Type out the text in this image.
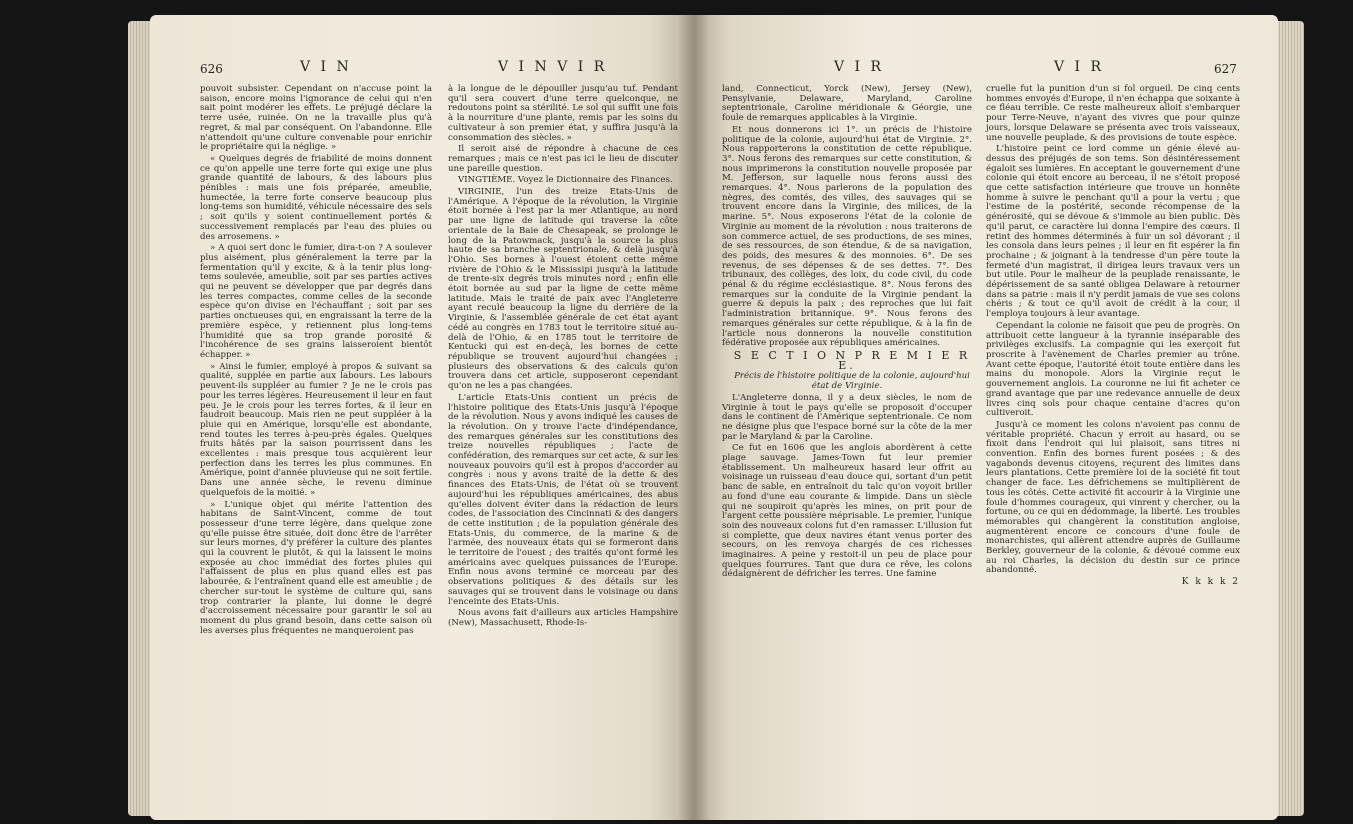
626	V I N	V I N V I R

pouvoit subsister. Cependant on n'accuse point la saison, encore moins l'ignorance de celui qui n'en sait point modérer les effets. Le préjugé déclare la terre usée, ruinée. On ne la travaille plus qu'à regret, & mal par conséquent. On l'abandonne. Elle n'attendoit qu'une culture convenable pour enrichir le propriétaire qui la néglige. »

« Quelques degrés de friabilité de moins donnent ce qu'on appelle une terre forte qui exige une plus grande quantité de labours, & des labours plus pénibles : mais une fois préparée, ameublie, humectée, la terre forte conserve beaucoup plus long-tems son humidité, véhicule nécessaire des sels ; soit qu'ils y soient continuellement portés & successivement remplacés par l'eau des pluies ou des arrosemens. »

» A quoi sert donc le fumier, dira-t-on ? A soulever plus aisément, plus généralement la terre par la fermentation qu'il y excite, & à la tenir plus long-tems soulevée, ameublie, soit par ses parties actives qui ne peuvent se développer que par degrés dans les terres compactes, comme celles de la seconde espèce qu'on divise en l'échauffant ; soit par ses parties onctueuses qui, en engraissant la terre de la première espèce, y retiennent plus long-tems l'humidité que sa trop grande porosité & l'incohérence de ses grains laisseroient bientôt échapper. »

» Ainsi le fumier, employé à propos & suivant sa qualité, supplée en partie aux labours. Les labours peuvent-ils suppléer au fumier ? Je ne le crois pas pour les terres légères. Heureusement il leur en faut peu. Je le crois pour les terres fortes, & il leur en faudroit beaucoup. Mais rien ne peut suppléer à la pluie qui en Amérique, lorsqu'elle est abondante, rend toutes les terres à-peu-près égales. Quelques fruits hâtés par la saison pourrissent dans les excellentes : mais presque tous acquièrent leur perfection dans les terres les plus communes. En Amérique, point d'année pluvieuse qui ne soit fertile. Dans une année sèche, le revenu diminue quelquefois de la moitié. »

» L'unique objet qui mérite l'attention des habitans de Saint-Vincent, comme de tout possesseur d'une terre légère, dans quelque zone qu'elle puisse être située, doit donc être de l'arrêter sur leurs mornes, d'y préférer la culture des plantes qui la couvrent le plutôt, & qui la laissent le moins exposée au choc immédiat des fortes pluies qui l'affaissent de plus en plus quand elles est pas labourée, & l'entraînent quand elle est ameublie ; de chercher sur-tout le système de culture qui, sans trop contrarier la plante, lui donne le degré d'accroissement nécessaire pour garantir le sol au moment du plus grand besoin, dans cette saison où les averses plus fréquentes ne manqueroient pas

à la longue de le dépouiller jusqu'au tuf. Pendant qu'il sera couvert d'une terre quelconque, ne redoutons point sa stérilité. Le sol qui suffit une fois à la nourriture d'une plante, remis par les soins du cultivateur à son premier état, y suffira jusqu'à la consommation des siècles. »

Il seroit aisé de répondre à chacune de ces remarques ; mais ce n'est pas ici le lieu de discuter une pareille question.

VINGTIÈME. Voyez le Dictionnaire des Finances.

VIRGINIE, l'un des treize Etats-Unis de l'Amérique. A l'époque de la révolution, la Virginie étoit bornée à l'est par la mer Atlantique, au nord par une ligne de latitude qui traverse la côte orientale de la Baie de Chesapeak, se prolonge le long de la Patowmack, jusqu'à la source la plus haute de sa branche septentrionale, & delà jusqu'à l'Ohio. Ses bornes à l'ouest étoient cette même rivière de l'Ohio & le Mississipi jusqu'à la latitude de trente-six degrés trois minutes nord ; enfin elle étoit bornée au sud par la ligne de cette même latitude. Mais le traité de paix avec l'Angleterre ayant reculé beaucoup la ligne du derrière de la Virginie, & l'assemblée générale de cet état ayant cédé au congrès en 1783 tout le territoire situé au-delà de l'Ohio, & en 1785 tout le territoire de Kentucki qui est en-deçà, les bornes de cette république se trouvent aujourd'hui changées ; plusieurs des observations & des calculs qu'on trouvera dans cet article, supposeront cependant qu'on ne les a pas changées.

L'article Etats-Unis contient un précis de l'histoire politique des Etats-Unis jusqu'à l'époque de la révolution. Nous y avons indiqué les causes de la révolution. On y trouve l'acte d'indépendance, des remarques générales sur les constitutions des treize nouvelles républiques ; l'acte de confédération, des remarques sur cet acte, & sur les nouveaux pouvoirs qu'il est à propos d'accorder au congrès : nous y avons traité de la dette & des finances des Etats-Unis, de l'état où se trouvent aujourd'hui les républiques américaines, des abus qu'elles doivent éviter dans la rédaction de leurs codes, de l'association des Cincinnati & des dangers de cette institution ; de la population générale des Etats-Unis, du commerce, de la marine & de l'armée, des nouveaux états qui se formeront dans le territoire de l'ouest ; des traités qu'ont formé les américains avec quelques puissances de l'Europe. Enfin nous avons terminé ce morceau par des observations politiques & des détails sur les sauvages qui se trouvent dans le voisinage ou dans l'enceinte des Etats-Unis.

Nous avons fait d'ailleurs aux articles Hampshire (New), Massachusett, Rhode-Is-

V I R	V I R	627

land, Connecticut, Yorck (New), Jersey (New), Pensylvanie, Delaware, Maryland, Caroline septentrionale, Caroline méridionale & Géorgie, une foule de remarques applicables à la Virginie.

Et nous donnerons ici 1°. un précis de l'histoire politique de la colonie, aujourd'hui état de Virginie. 2°. Nous rapporterons la constitution de cette république. 3°. Nous ferons des remarques sur cette constitution, & nous imprimerons la constitution nouvelle proposée par M. Jefferson, sur laquelle nous ferons aussi des remarques. 4°. Nous parlerons de la population des nègres, des comtés, des villes, des sauvages qui se trouvent encore dans la Virginie, des milices, de la marine. 5°. Nous exposerons l'état de la colonie de Virginie au moment de la révolution : nous traiterons de son commerce actuel, de ses productions, de ses mines, de ses ressources, de son étendue, & de sa navigation, des poids, des mesures & des monnoies. 6°. De ses revenus, de ses dépenses & de ses dettes. 7°. Des tribunaux, des collèges, des loix, du code civil, du code pénal & du régime ecclésiastique. 8°. Nous ferons des remarques sur la conduite de la Virginie pendant la guerre & depuis la paix ; des reproches que lui fait l'administration britannique. 9°. Nous ferons des remarques générales sur cette république, & à la fin de l'article nous donnerons la nouvelle constitution fédérative proposée aux républiques américaines.

S E C T I O N P R E M I E R E.

Précis de l'histoire politique de la colonie, aujourd'hui état de Virginie.

L'Angleterre donna, il y a deux siècles, le nom de Virginie à tout le pays qu'elle se proposoit d'occuper dans le continent de l'Amérique septentrionale. Ce nom ne désigne plus que l'espace borné sur la côte de la mer par le Maryland & par la Caroline.

Ce fut en 1606 que les anglois abordèrent à cette plage sauvage. James-Town fut leur premier établissement. Un malheureux hasard leur offrit au voisinage un ruisseau d'eau douce qui, sortant d'un petit banc de sable, en entraînoit du talc qu'on voyoit briller au fond d'une eau courante & limpide. Dans un siècle qui ne soupiroit qu'après les mines, on prit pour de l'argent cette poussière méprisable. Le premier, l'unique soin des nouveaux colons fut d'en ramasser. L'illusion fut si complette, que deux navires étant venus porter des secours, on les renvoya chargés de ces richesses imaginaires. A peine y restoit-il un peu de place pour quelques fourrures. Tant que dura ce rêve, les colons dédaignèrent de défricher les terres. Une famine

cruelle fut la punition d'un si fol orgueil. De cinq cents hommes envoyés d'Europe, il n'en échappa que soixante à ce fléau terrible. Ce reste malheureux alloit s'embarquer pour Terre-Neuve, n'ayant des vivres que pour quinze jours, lorsque Delaware se présenta avec trois vaisseaux, une nouvelle peuplade, & des provisions de toute espèce.

L'histoire peint ce lord comme un génie élevé au-dessus des préjugés de son tems. Son désintéressement égaloit ses lumières. En acceptant le gouvernement d'une colonie qui étoit encore au berceau, il ne s'étoit proposé que cette satisfaction intérieure que trouve un honnête homme à suivre le penchant qu'il a pour la vertu ; que l'estime de la postérité, seconde récompense de la générosité, qui se dévoue & s'immole au bien public. Dès qu'il parut, ce caractère lui donna l'empire des cœurs. Il retint des hommes déterminés à fuir un sol dévorant ; il les consola dans leurs peines ; il leur en fit espérer la fin prochaine ; & joignant à la tendresse d'un père toute la fermeté d'un magistrat, il dirigea leurs travaux vers un but utile. Pour le malheur de la peuplade renaissante, le dépérissement de sa santé obligea Delaware à retourner dans sa patrie : mais il n'y perdit jamais de vue ses colons chéris ; & tout ce qu'il avoit de crédit à la cour, il l'employa toujours à leur avantage.

Cependant la colonie ne faisoit que peu de progrès. On attribuoit cette langueur à la tyrannie inséparable des privilèges exclusifs. La compagnie qui les exerçoit fut proscrite à l'avènement de Charles premier au trône. Avant cette époque, l'autorité étoit toute entière dans les mains du monopole. Alors la Virginie reçut le gouvernement anglois. La couronne ne lui fit acheter ce grand avantage que par une redevance annuelle de deux livres cinq sols pour chaque centaine d'acres qu'on cultiveroit.

Jusqu'à ce moment les colons n'avoient pas connu de véritable propriété. Chacun y erroit au hasard, ou se fixoit dans l'endroit qui lui plaisoit, sans titres ni convention. Enfin des bornes furent posées ; & des vagabonds devenus citoyens, reçurent des limites dans leurs plantations. Cette première loi de la société fit tout changer de face. Les défrichemens se multiplièrent de tous les côtés. Cette activité fit accourir à la Virginie une foule d'hommes courageux, qui vinrent y chercher, ou la fortune, ou ce qui en dédommage, la liberté. Les troubles mémorables qui changèrent la constitution angloise, augmentèrent encore ce concours d'une foule de monarchistes, qui allèrent attendre auprès de Guillaume Berkley, gouverneur de la colonie, & dévoué comme eux au roi Charles, la décision du destin sur ce prince abandonné.

K k k k 2
